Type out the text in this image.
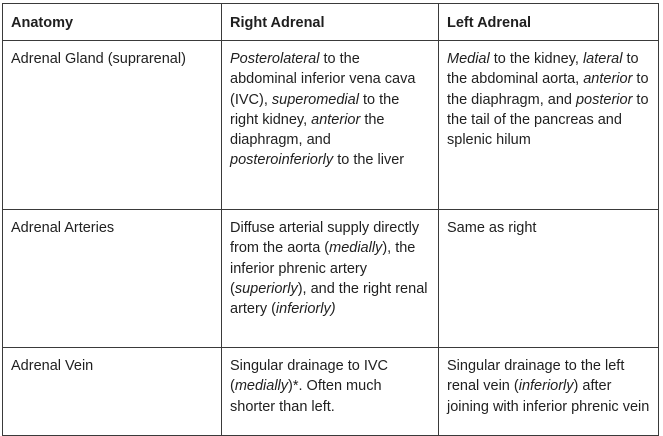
Anatomy	Right Adrenal	Left Adrenal
Adrenal Gland (suprarenal)	Posterolateral to the abdominal inferior vena cava (IVC), superomedial to the right kidney, anterior the diaphragm, and posteroinferiorly to the liver	Medial to the kidney, lateral to the abdominal aorta, anterior to the diaphragm, and posterior to the tail of the pancreas and splenic hilum
Adrenal Arteries	Diffuse arterial supply directly from the aorta (medially), the inferior phrenic artery (superiorly), and the right renal artery (inferiorly)	Same as right
Adrenal Vein	Singular drainage to IVC (medially)*. Often much shorter than left.	Singular drainage to the left renal vein (inferiorly) after joining with inferior phrenic vein
